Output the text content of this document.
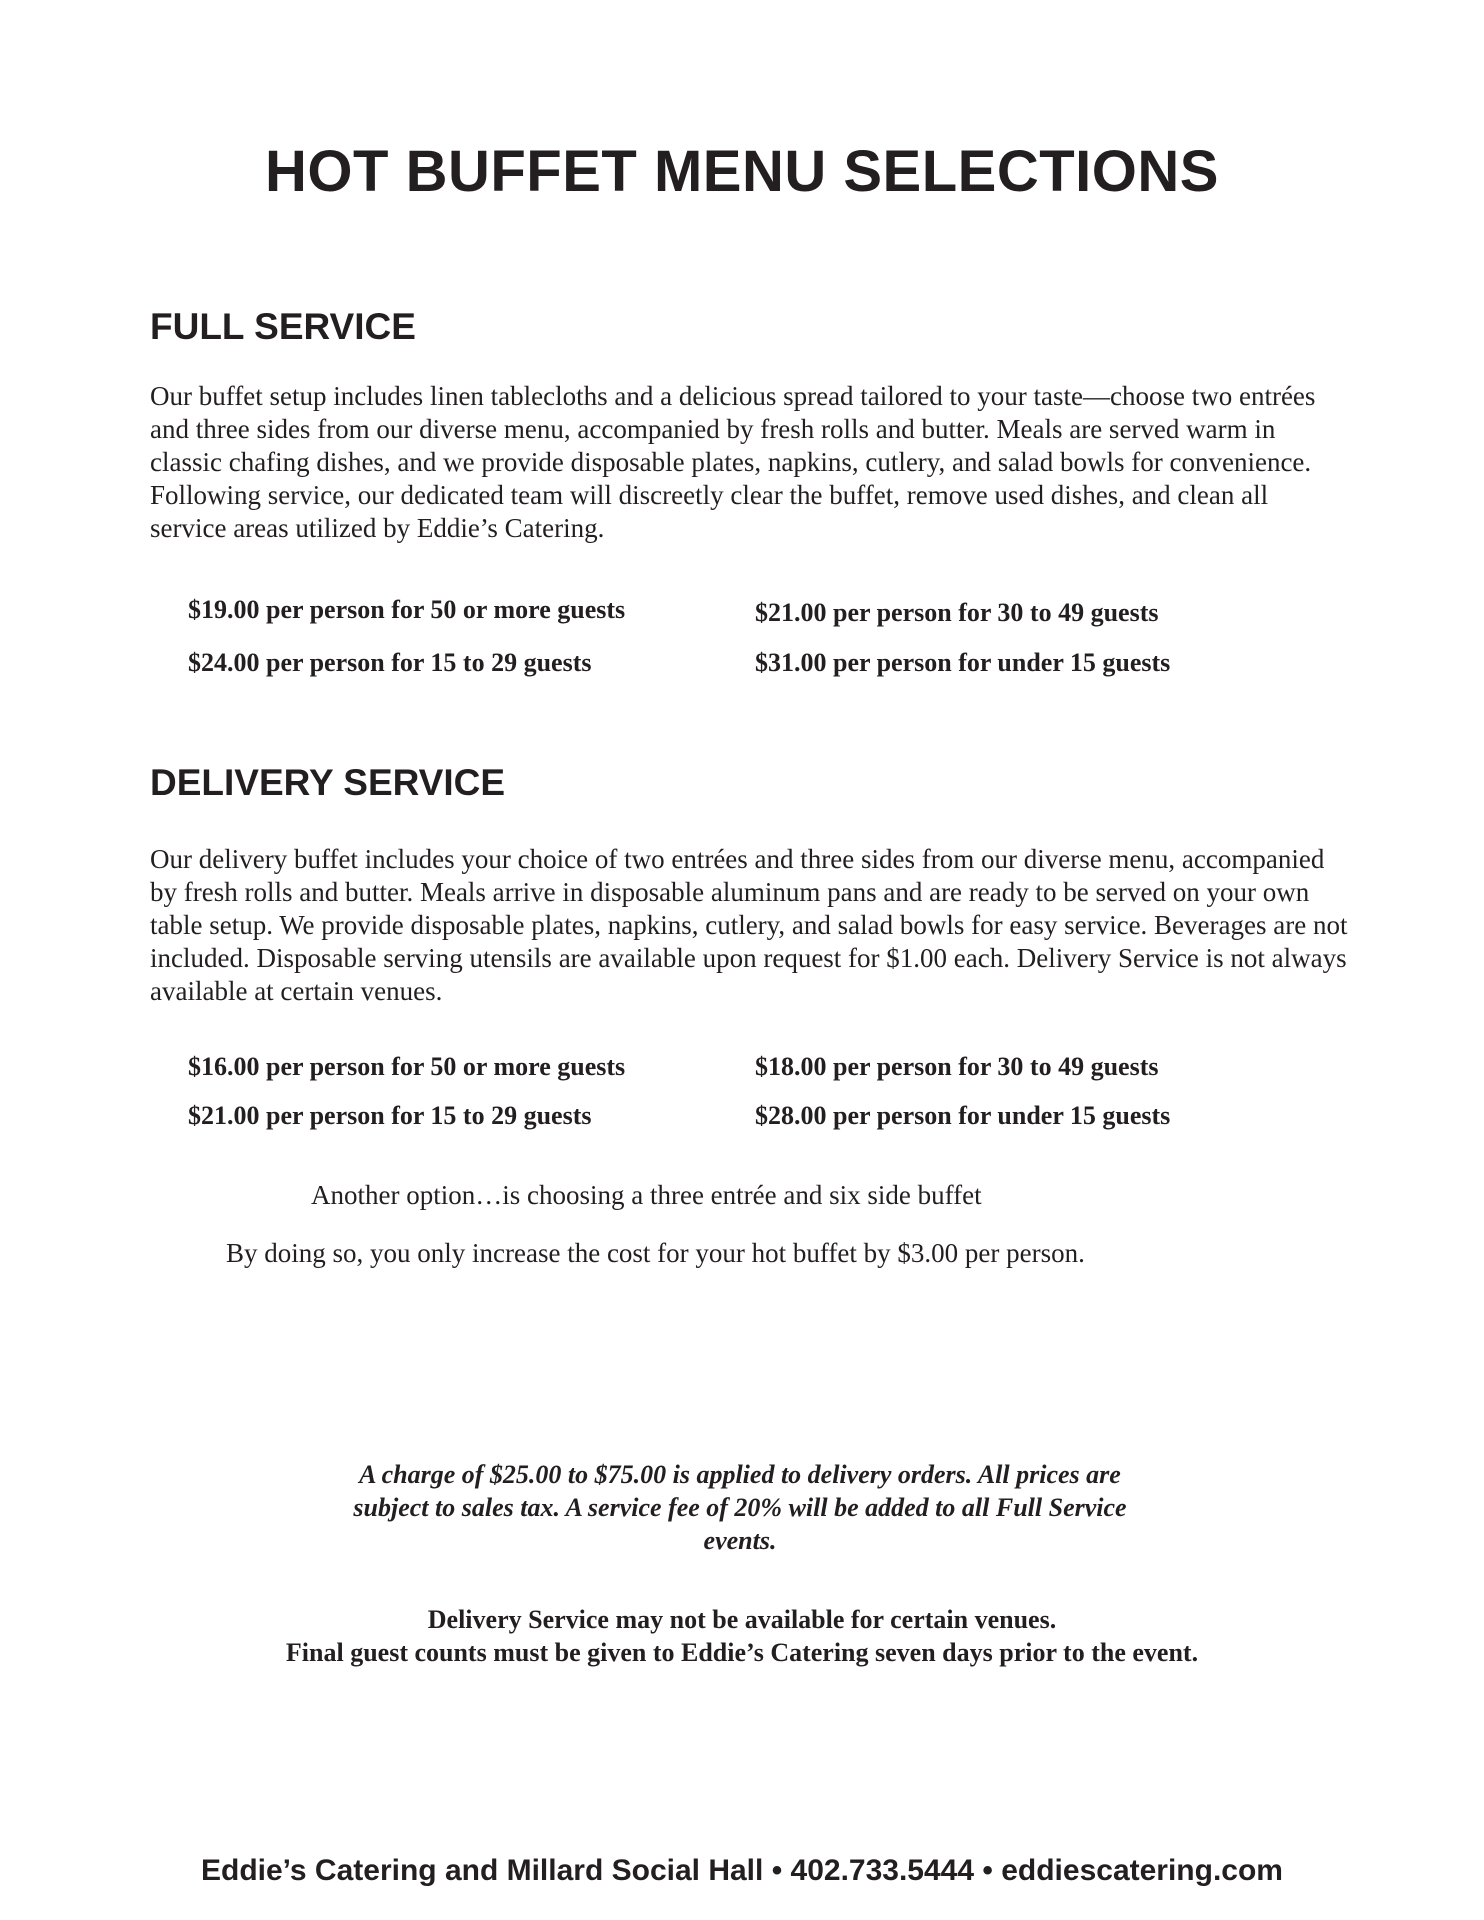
HOT BUFFET MENU SELECTIONS
FULL SERVICE

Our buffet setup includes linen tablecloths and a delicious spread tailored to your taste—choose two entrées and three sides from our diverse menu, accompanied by fresh rolls and butter. Meals are served warm in classic chafing dishes, and we provide disposable plates, napkins, cutlery, and salad bowls for convenience. Following service, our dedicated team will discreetly clear the buffet, remove used dishes, and clean all service areas utilized by Eddie’s Catering.

$19.00 per person for 50 or more guests	$21.00 per person for 30 to 49 guests

$24.00 per person for 15 to 29 guests	$31.00 per person for under 15 guests

DELIVERY SERVICE

Our delivery buffet includes your choice of two entrées and three sides from our diverse menu, accompanied by fresh rolls and butter. Meals arrive in disposable aluminum pans and are ready to be served on your own table setup. We provide disposable plates, napkins, cutlery, and salad bowls for easy service. Beverages are not included. Disposable serving utensils are available upon request for $1.00 each. Delivery Service is not always available at certain venues.

$16.00 per person for 50 or more guests	$18.00 per person for 30 to 49 guests

$21.00 per person for 15 to 29 guests	$28.00 per person for under 15 guests

Another option…is choosing a three entrée and six side buffet

By doing so, you only increase the cost for your hot buffet by $3.00 per person.

A charge of $25.00 to $75.00 is applied to delivery orders. All prices are subject to sales tax. A service fee of 20% will be added to all Full Service events.

Delivery Service may not be available for certain venues.

Final guest counts must be given to Eddie’s Catering seven days prior to the event.

Eddie’s Catering and Millard Social Hall • 402.733.5444 • eddiescatering.com
